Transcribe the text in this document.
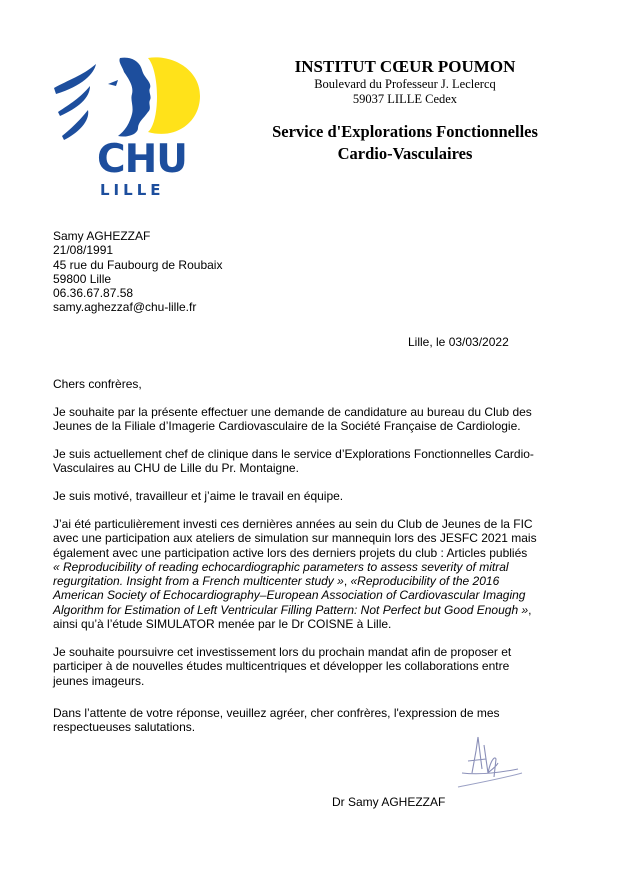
CHU
LILLE
INSTITUT CŒUR POUMON
Boulevard du Professeur J. Leclercq
59037 LILLE Cedex
Service d'Explorations Fonctionnelles
Cardio-Vasculaires
Samy AGHEZZAF
21/08/1991
45 rue du Faubourg de Roubaix
59800 Lille
06.36.67.87.58
samy.aghezzaf@chu-lille.fr
Lille, le 03/03/2022
Chers confrères,
Je souhaite par la présente effectuer une demande de candidature au bureau du Club des
Jeunes de la Filiale d’Imagerie Cardiovasculaire de la Société Française de Cardiologie.
Je suis actuellement chef de clinique dans le service d’Explorations Fonctionnelles Cardio-
Vasculaires au CHU de Lille du Pr. Montaigne.
Je suis motivé, travailleur et j’aime le travail en équipe.
J’ai été particulièrement investi ces dernières années au sein du Club de Jeunes de la FIC
avec une participation aux ateliers de simulation sur mannequin lors des JESFC 2021 mais
également avec une participation active lors des derniers projets du club : Articles publiés
« Reproducibility of reading echocardiographic parameters to assess severity of mitral
regurgitation. Insight from a French multicenter study », «Reproducibility of the 2016
American Society of Echocardiography–European Association of Cardiovascular Imaging
Algorithm for Estimation of Left Ventricular Filling Pattern: Not Perfect but Good Enough »,
ainsi qu’à l’étude SIMULATOR menée par le Dr COISNE à Lille.
Je souhaite poursuivre cet investissement lors du prochain mandat afin de proposer et
participer à de nouvelles études multicentriques et développer les collaborations entre
jeunes imageurs.
Dans l’attente de votre réponse, veuillez agréer, cher confrères, l'expression de mes
respectueuses salutations.
Dr Samy AGHEZZAF
